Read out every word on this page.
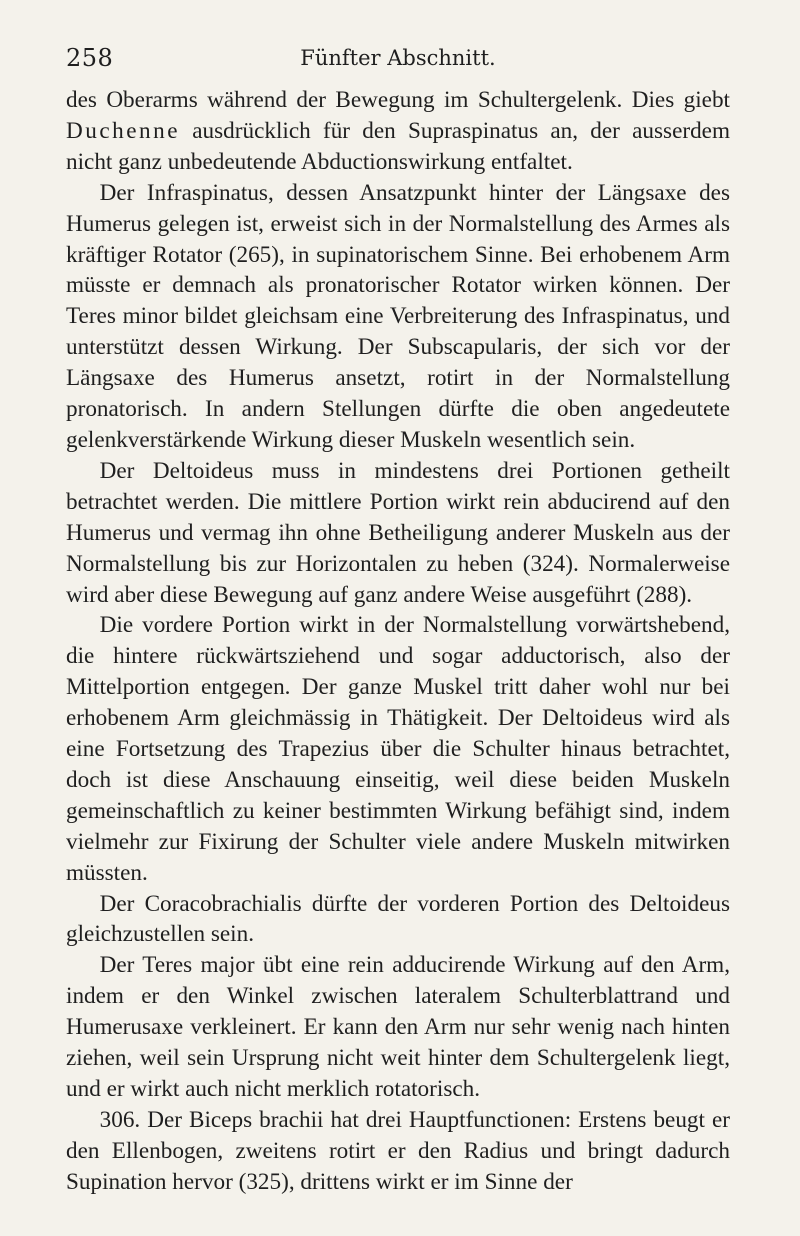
258	Fünfter Abschnitt.

des Oberarms während der Bewegung im Schultergelenk. Dies giebt Duchenne ausdrücklich für den Supraspinatus an, der ausserdem nicht ganz unbedeutende Abductionswirkung entfaltet.

Der Infraspinatus, dessen Ansatzpunkt hinter der Längsaxe des Humerus gelegen ist, erweist sich in der Normalstellung des Armes als kräftiger Rotator (265), in supinatorischem Sinne. Bei erhobenem Arm müsste er demnach als pronatorischer Rotator wirken können. Der Teres minor bildet gleichsam eine Verbreiterung des Infraspinatus, und unterstützt dessen Wirkung. Der Subscapularis, der sich vor der Längsaxe des Humerus ansetzt, rotirt in der Normalstellung pronatorisch. In andern Stellungen dürfte die oben angedeutete gelenkverstärkende Wirkung dieser Muskeln wesentlich sein.

Der Deltoideus muss in mindestens drei Portionen getheilt betrachtet werden. Die mittlere Portion wirkt rein abducirend auf den Humerus und vermag ihn ohne Betheiligung anderer Muskeln aus der Normalstellung bis zur Horizontalen zu heben (324). Normalerweise wird aber diese Bewegung auf ganz andere Weise ausgeführt (288).

Die vordere Portion wirkt in der Normalstellung vorwärtshebend, die hintere rückwärtsziehend und sogar adductorisch, also der Mittelportion entgegen. Der ganze Muskel tritt daher wohl nur bei erhobenem Arm gleichmässig in Thätigkeit. Der Deltoideus wird als eine Fortsetzung des Trapezius über die Schulter hinaus betrachtet, doch ist diese Anschauung einseitig, weil diese beiden Muskeln gemeinschaftlich zu keiner bestimmten Wirkung befähigt sind, indem vielmehr zur Fixirung der Schulter viele andere Muskeln mitwirken müssten.

Der Coracobrachialis dürfte der vorderen Portion des Deltoideus gleichzustellen sein.

Der Teres major übt eine rein adducirende Wirkung auf den Arm, indem er den Winkel zwischen lateralem Schulterblattrand und Humerusaxe verkleinert. Er kann den Arm nur sehr wenig nach hinten ziehen, weil sein Ursprung nicht weit hinter dem Schultergelenk liegt, und er wirkt auch nicht merklich rotatorisch.

306. Der Biceps brachii hat drei Hauptfunctionen: Erstens beugt er den Ellenbogen, zweitens rotirt er den Radius und bringt dadurch Supination hervor (325), drittens wirkt er im Sinne der
